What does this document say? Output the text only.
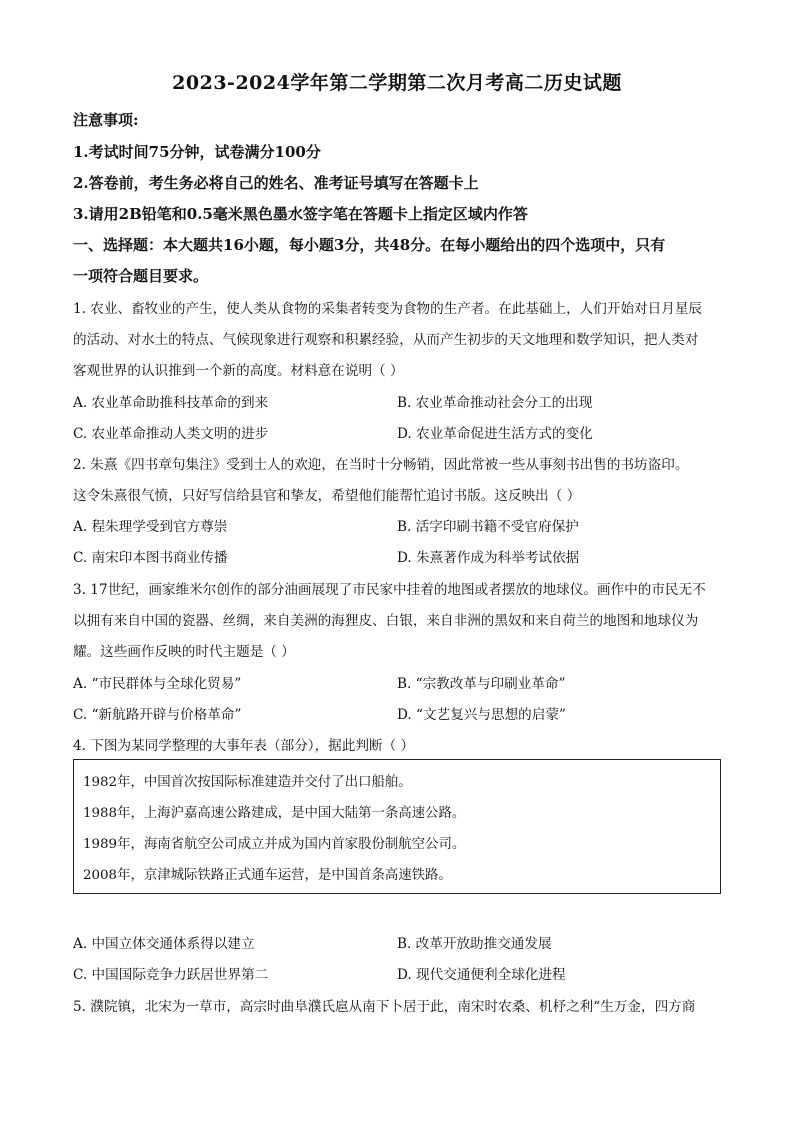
2023-2024学年第二学期第二次月考高二历史试题
注意事项:
1.考试时间75分钟，试卷满分100分
2.答卷前，考生务必将自己的姓名、准考证号填写在答题卡上
3.请用2B铅笔和0.5毫米黑色墨水签字笔在答题卡上指定区域内作答
一、选择题：本大题共16小题，每小题3分，共48分。在每小题给出的四个选项中，只有
一项符合题目要求。
1. 农业、畜牧业的产生，使人类从食物的采集者转变为食物的生产者。在此基础上，人们开始对日月星辰
的活动、对水土的特点、气候现象进行观察和积累经验，从而产生初步的天文地理和数学知识，把人类对
客观世界的认识推到一个新的高度。材料意在说明（ ）
A. 农业革命助推科技革命的到来	B. 农业革命推动社会分工的出现
C. 农业革命推动人类文明的进步	D. 农业革命促进生活方式的变化
2. 朱熹《四书章句集注》受到士人的欢迎，在当时十分畅销，因此常被一些从事刻书出售的书坊盗印。
这令朱熹很气愤，只好写信给县官和挚友，希望他们能帮忙追讨书版。这反映出（ ）
A. 程朱理学受到官方尊崇	B. 活字印刷书籍不受官府保护
C. 南宋印本图书商业传播	D. 朱熹著作成为科举考试依据
3. 17世纪，画家维米尔创作的部分油画展现了市民家中挂着的地图或者摆放的地球仪。画作中的市民无不
以拥有来自中国的瓷器、丝绸，来自美洲的海狸皮、白银，来自非洲的黑奴和来自荷兰的地图和地球仪为
耀。这些画作反映的时代主题是（ ）
A. “市民群体与全球化贸易”	B. “宗教改革与印刷业革命”
C. “新航路开辟与价格革命”	D. “文艺复兴与思想的启蒙”
4. 下图为某同学整理的大事年表（部分），据此判断（ ）
1982年，中国首次按国际标准建造并交付了出口船舶。
1988年，上海沪嘉高速公路建成，是中国大陆第一条高速公路。
1989年，海南省航空公司成立并成为国内首家股份制航空公司。
2008年，京津城际铁路正式通车运营，是中国首条高速铁路。
A. 中国立体交通体系得以建立	B. 改革开放助推交通发展
C. 中国国际竞争力跃居世界第二	D. 现代交通便利全球化进程
5. 濮院镇，北宋为一草市，高宗时曲阜濮氏扈从南下卜居于此，南宋时农桑、机杼之利“生万金，四方商
